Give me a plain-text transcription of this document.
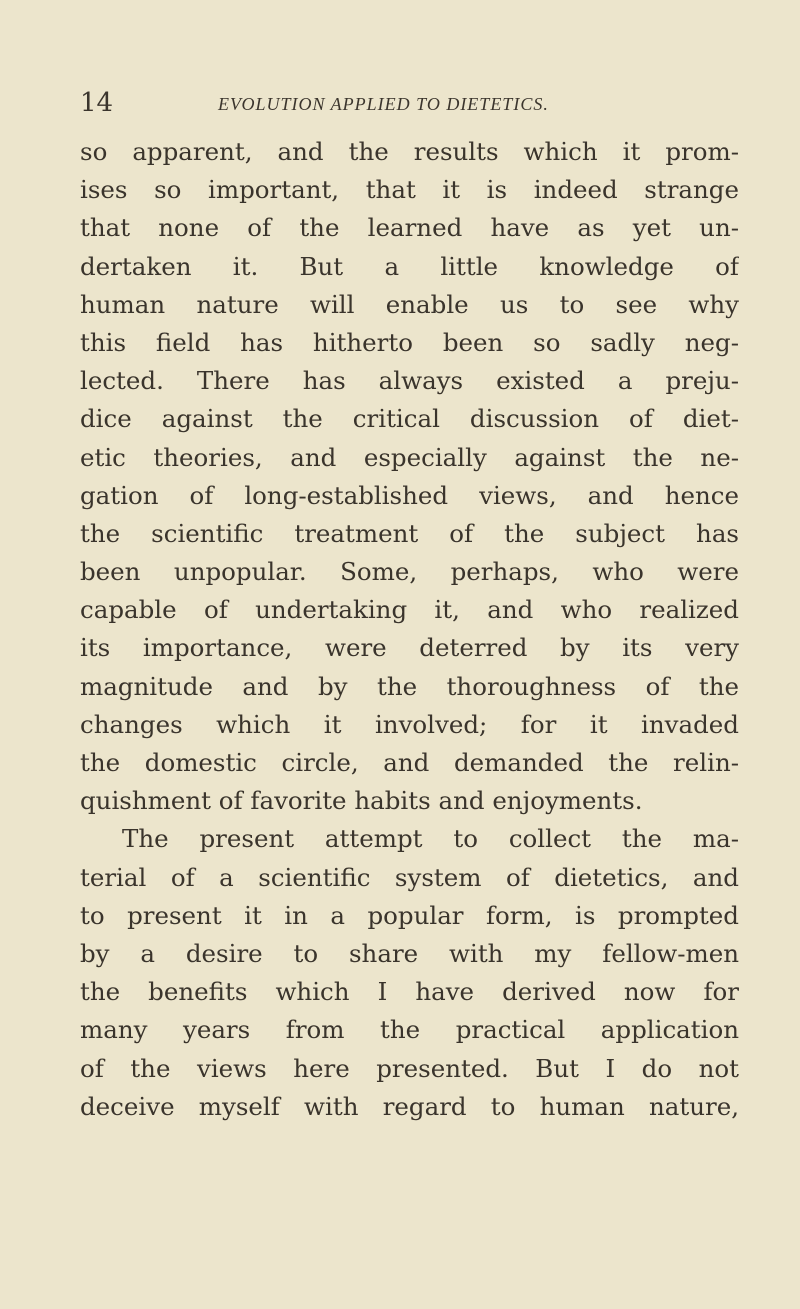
14	EVOLUTION APPLIED TO DIETETICS.
so apparent, and the results which it prom-
ises so important, that it is indeed strange
that none of the learned have as yet un-
dertaken it. But a little knowledge of
human nature will enable us to see why
this field has hitherto been so sadly neg-
lected. There has always existed a preju-
dice against the critical discussion of diet-
etic theories, and especially against the ne-
gation of long-established views, and hence
the scientific treatment of the subject has
been unpopular. Some, perhaps, who were
capable of undertaking it, and who realized
its importance, were deterred by its very
magnitude and by the thoroughness of the
changes which it involved; for it invaded
the domestic circle, and demanded the relin-
quishment of favorite habits and enjoyments.
The present attempt to collect the ma-
terial of a scientific system of dietetics, and
to present it in a popular form, is prompted
by a desire to share with my fellow-men
the benefits which I have derived now for
many years from the practical application
of the views here presented. But I do not
deceive myself with regard to human nature,
